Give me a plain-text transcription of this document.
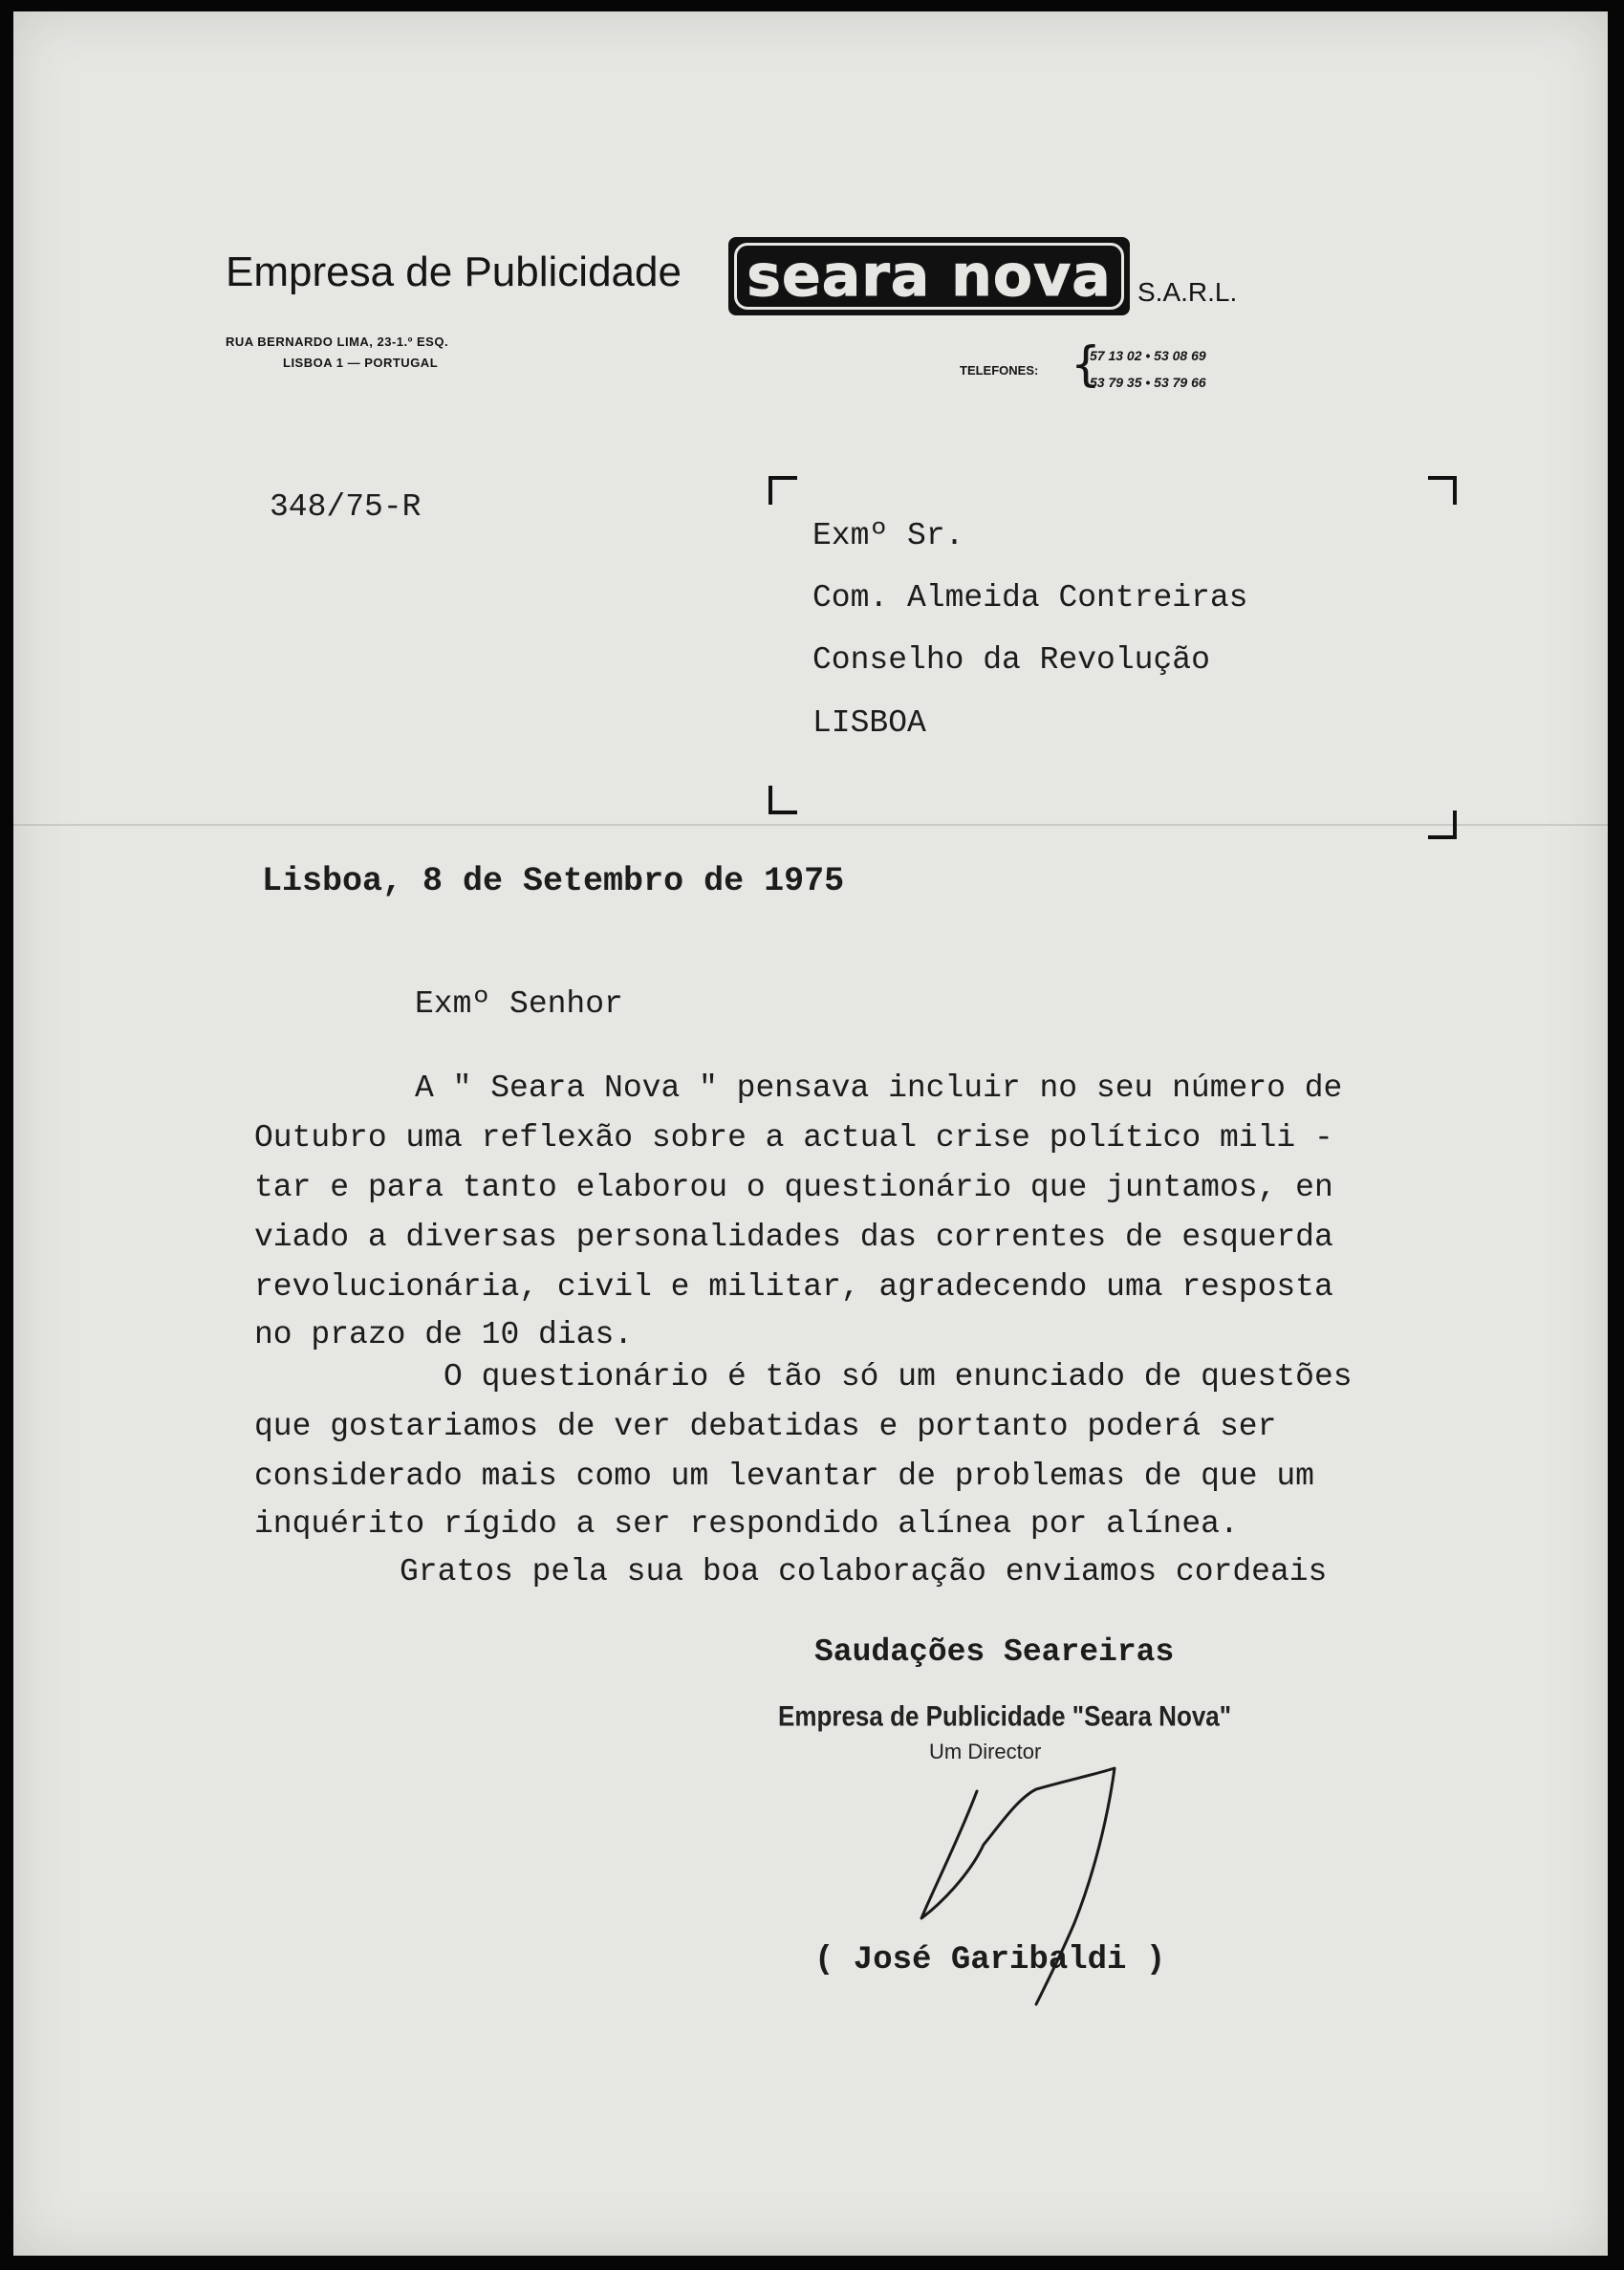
Empresa de Publicidade seara nova S.A.R.L.
RUA BERNARDO LIMA, 23-1.º ESQ.
LISBOA 1 — PORTUGAL
TELEFONES: {
57 13 02 • 53 08 69
53 79 35 • 53 79 66
348/75-R
Exmº Sr.
Com. Almeida Contreiras
Conselho da Revolução
LISBOA
Lisboa, 8 de Setembro de 1975
Exmº Senhor
A " Seara Nova " pensava incluir no seu número de
Outubro uma reflexão sobre a actual crise político mili -
tar e para tanto elaborou o questionário que juntamos, en
viado a diversas personalidades das correntes de esquerda
revolucionária, civil e militar, agradecendo uma resposta
no prazo de 10 dias.
O questionário é tão só um enunciado de questões
que gostariamos de ver debatidas e portanto poderá ser
considerado mais como um levantar de problemas de que um
inquérito rígido a ser respondido alínea por alínea.
Gratos pela sua boa colaboração enviamos cordeais
Saudações Seareiras
Empresa de Publicidade "Seara Nova"
Um Director
( José Garibaldi )
